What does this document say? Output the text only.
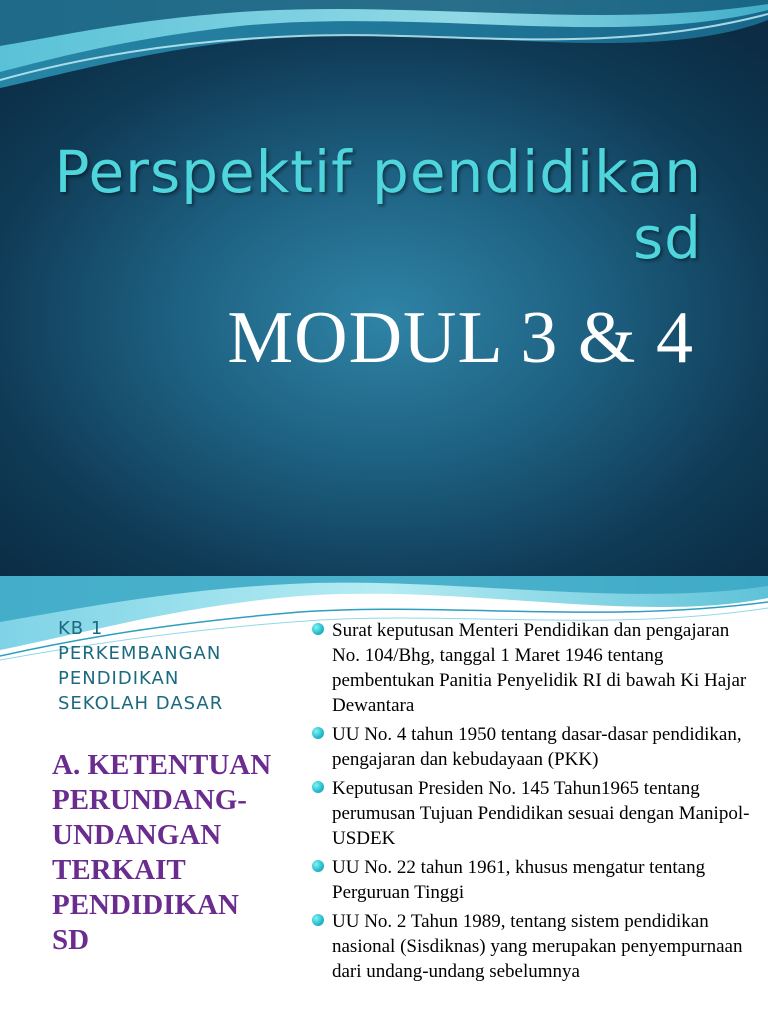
Perspektif pendidikan
sd
MODUL 3 & 4
KB 1
PERKEMBANGAN
PENDIDIKAN
SEKOLAH DASAR
A. KETENTUAN
PERUNDANG-
UNDANGAN
TERKAIT
PENDIDIKAN
SD
Surat keputusan Menteri Pendidikan dan pengajaran No. 104/Bhg, tanggal 1 Maret 1946 tentang pembentukan Panitia Penyelidik RI di bawah Ki Hajar Dewantara
UU No. 4 tahun 1950 tentang dasar-dasar pendidikan, pengajaran dan kebudayaan (PKK)
Keputusan Presiden No. 145 Tahun1965 tentang perumusan Tujuan Pendidikan sesuai dengan Manipol-USDEK
UU No. 22 tahun 1961, khusus mengatur tentang Perguruan Tinggi
UU No. 2 Tahun 1989, tentang sistem pendidikan nasional (Sisdiknas) yang merupakan penyempurnaan dari undang-undang sebelumnya
